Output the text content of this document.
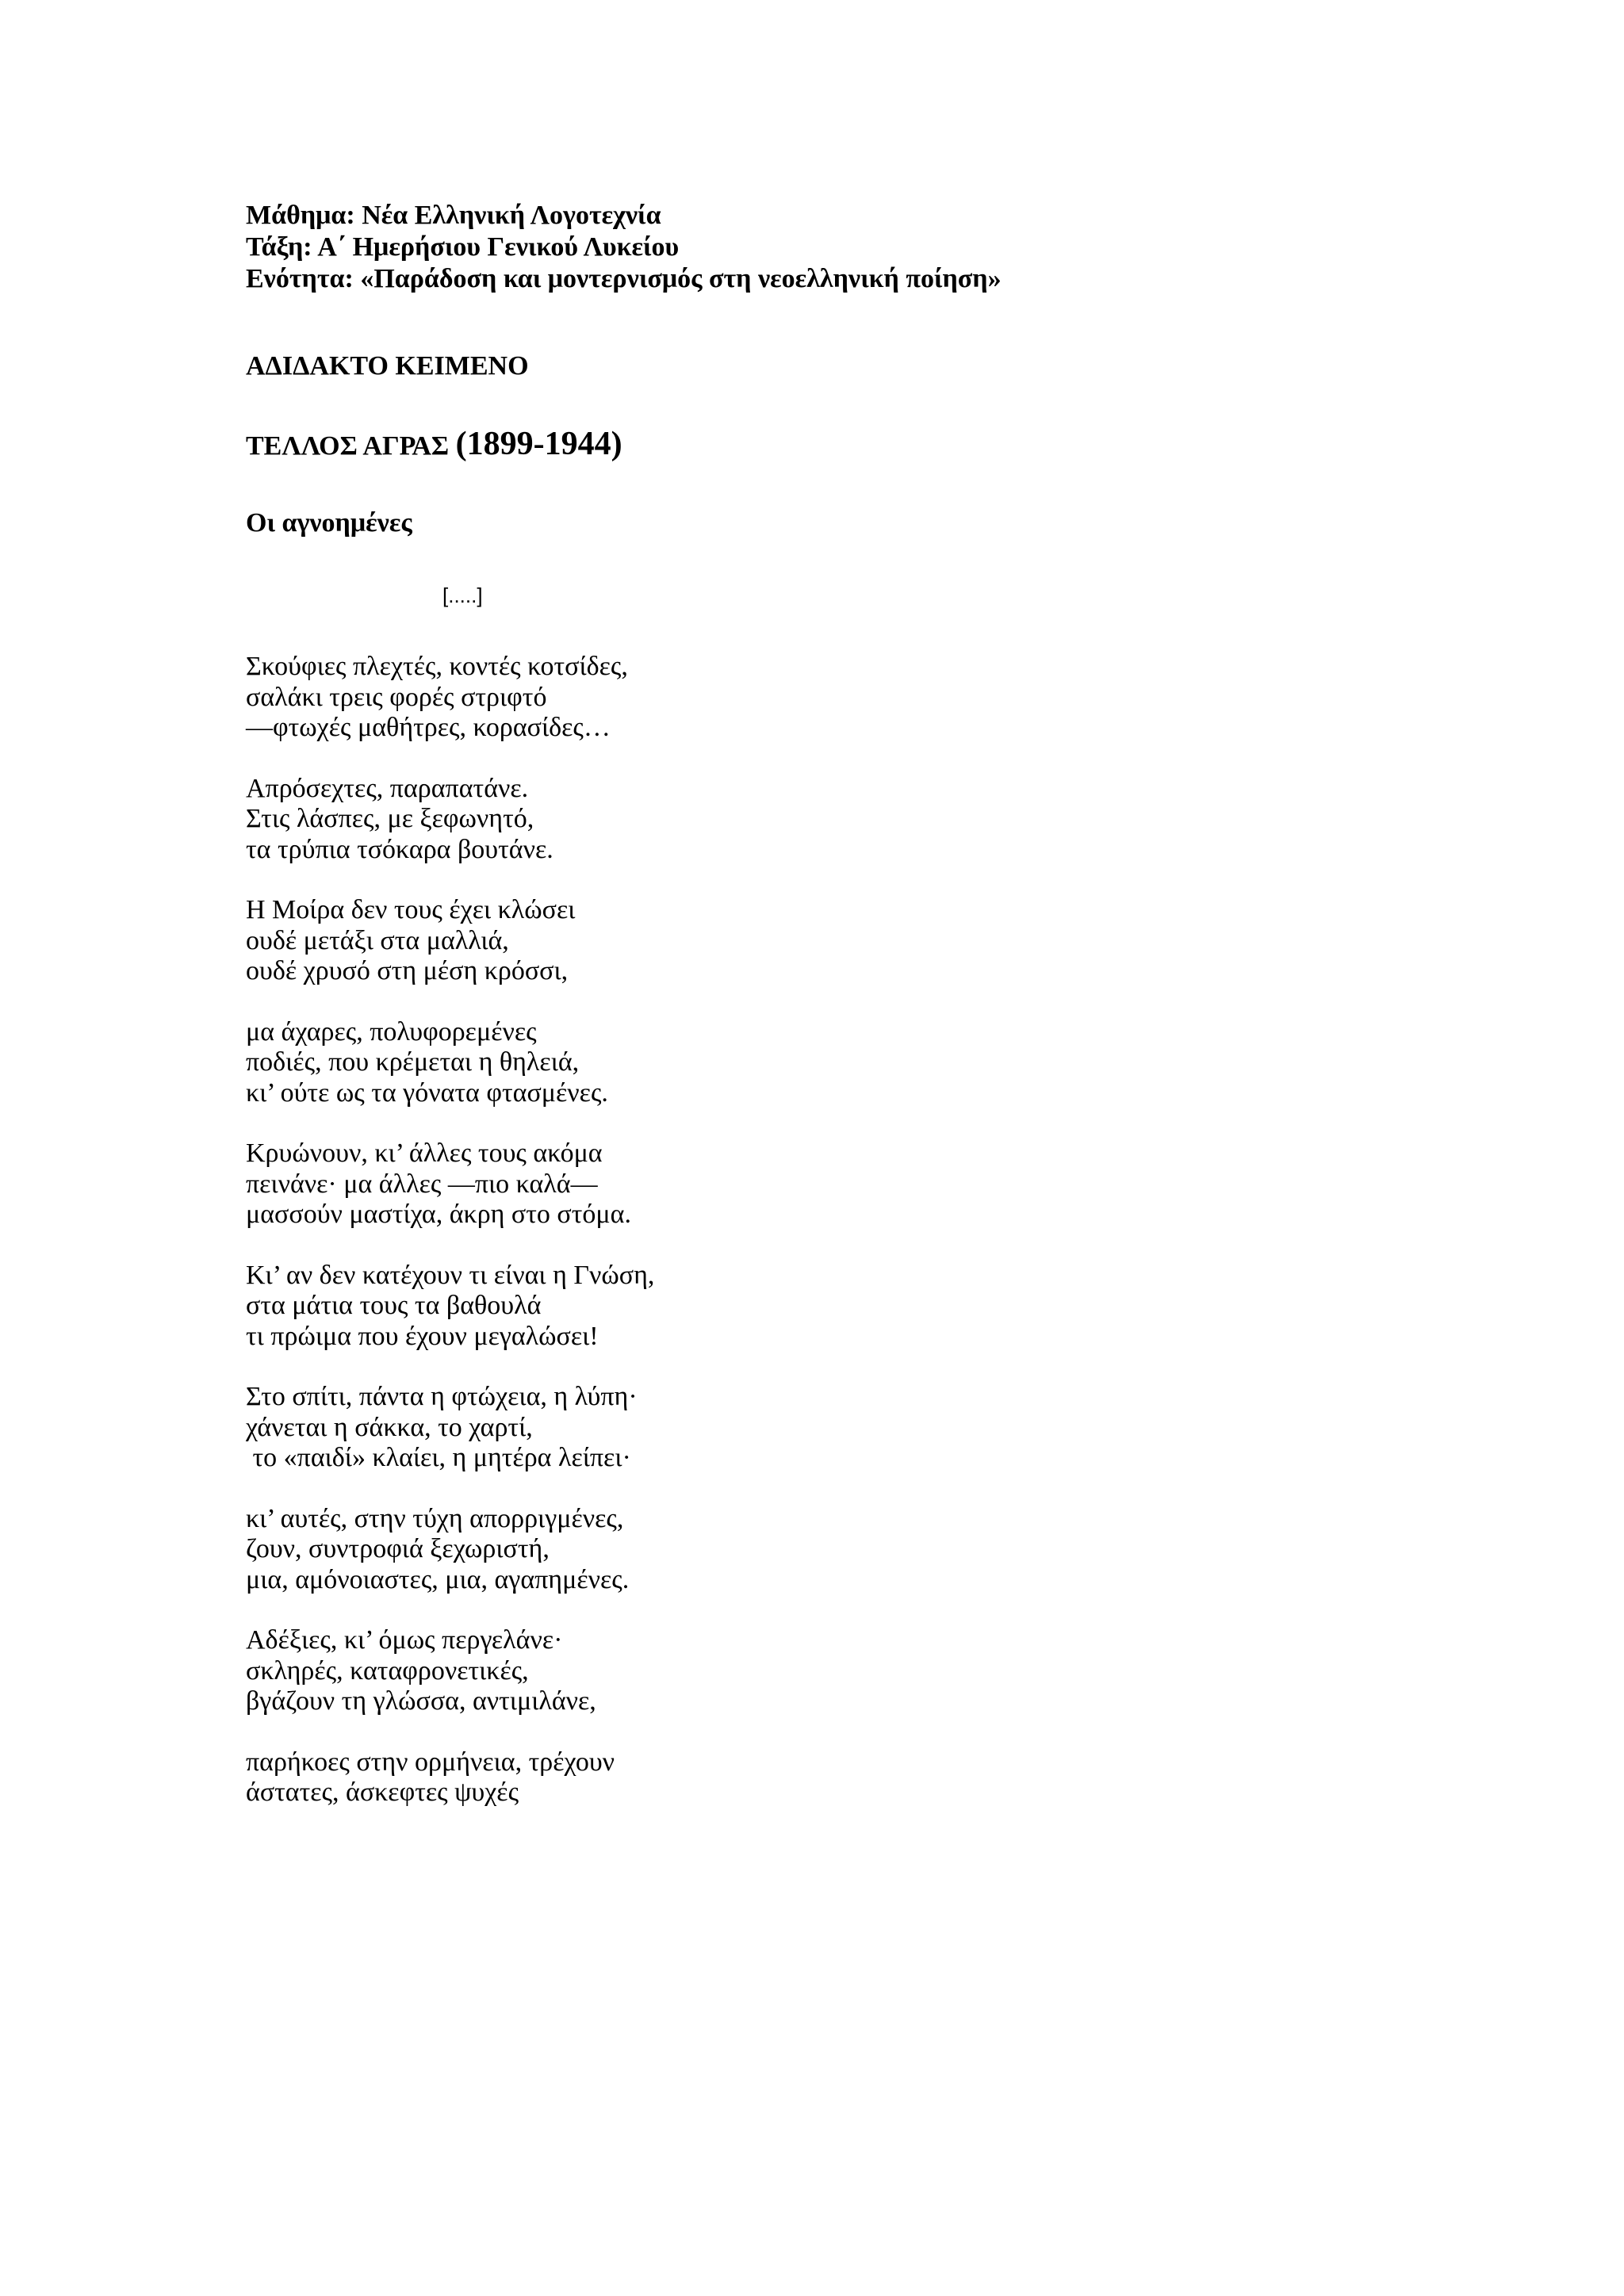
Μάθημα: Νέα Ελληνική Λογοτεχνία
Τάξη: Α΄ Ημερήσιου Γενικού Λυκείου
Ενότητα: «Παράδοση και μοντερνισμός στη νεοελληνική ποίηση»
ΑΔΙΔΑΚΤΟ ΚΕΙΜΕΝΟ
ΤΕΛΛΟΣ ΑΓΡΑΣ (1899-1944)
Οι αγνοημένες
[.....]
Σκούφιες πλεχτές, κοντές κοτσίδες,
σαλάκι τρεις φορές στριφτό
—φτωχές μαθήτρες, κορασίδες…
Απρόσεχτες, παραπατάνε.
Στις λάσπες, με ξεφωνητό,
τα τρύπια τσόκαρα βουτάνε.
Η Μοίρα δεν τους έχει κλώσει
ουδέ μετάξι στα μαλλιά,
ουδέ χρυσό στη μέση κρόσσι,
μα άχαρες, πολυφορεμένες
ποδιές, που κρέμεται η θηλειά,
κι’ ούτε ως τα γόνατα φτασμένες.
Κρυώνουν, κι’ άλλες τους ακόμα
πεινάνε· μα άλλες —πιο καλά—
μασσούν μαστίχα, άκρη στο στόμα.
Κι’ αν δεν κατέχουν τι είναι η Γνώση,
στα μάτια τους τα βαθουλά
τι πρώιμα που έχουν μεγαλώσει!
Στο σπίτι, πάντα η φτώχεια, η λύπη·
χάνεται η σάκκα, το χαρτί,
το «παιδί» κλαίει, η μητέρα λείπει·
κι’ αυτές, στην τύχη απορριγμένες,
ζουν, συντροφιά ξεχωριστή,
μια, αμόνοιαστες, μια, αγαπημένες.
Αδέξιες, κι’ όμως περγελάνε·
σκληρές, καταφρονετικές,
βγάζουν τη γλώσσα, αντιμιλάνε,
παρήκοες στην ορμήνεια, τρέχουν
άστατες, άσκεφτες ψυχές
